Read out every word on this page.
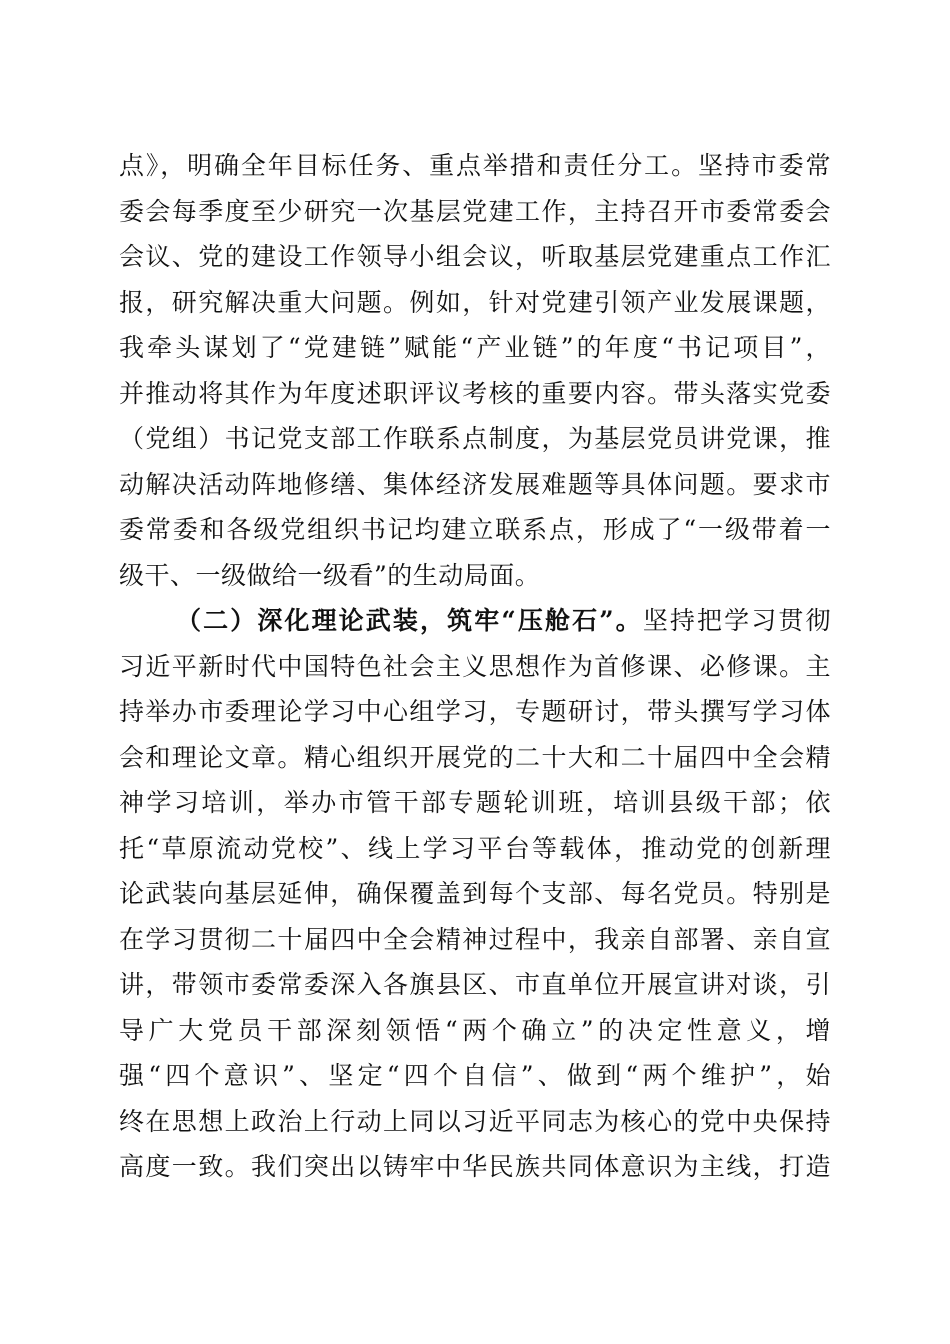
点》，明确全年目标任务、重点举措和责任分工。坚持市委常
委会每季度至少研究一次基层党建工作，主持召开市委常委会
会议、党的建设工作领导小组会议，听取基层党建重点工作汇
报，研究解决重大问题。例如，针对党建引领产业发展课题，
我牵头谋划了“党建链”赋能“产业链”的年度“书记项目”，
并推动将其作为年度述职评议考核的重要内容。带头落实党委
（党组）书记党支部工作联系点制度，为基层党员讲党课，推
动解决活动阵地修缮、集体经济发展难题等具体问题。要求市
委常委和各级党组织书记均建立联系点，形成了“一级带着一
级干、一级做给一级看”的生动局面。
（二）深化理论武装，筑牢“压舱石”。坚持把学习贯彻
习近平新时代中国特色社会主义思想作为首修课、必修课。主
持举办市委理论学习中心组学习，专题研讨，带头撰写学习体
会和理论文章。精心组织开展党的二十大和二十届四中全会精
神学习培训，举办市管干部专题轮训班，培训县级干部；依
托“草原流动党校”、线上学习平台等载体，推动党的创新理
论武装向基层延伸，确保覆盖到每个支部、每名党员。特别是
在学习贯彻二十届四中全会精神过程中，我亲自部署、亲自宣
讲，带领市委常委深入各旗县区、市直单位开展宣讲对谈，引
导广大党员干部深刻领悟“两个确立”的决定性意义，增
强“四个意识”、坚定“四个自信”、做到“两个维护”，始
终在思想上政治上行动上同以习近平同志为核心的党中央保持
高度一致。我们突出以铸牢中华民族共同体意识为主线，打造
